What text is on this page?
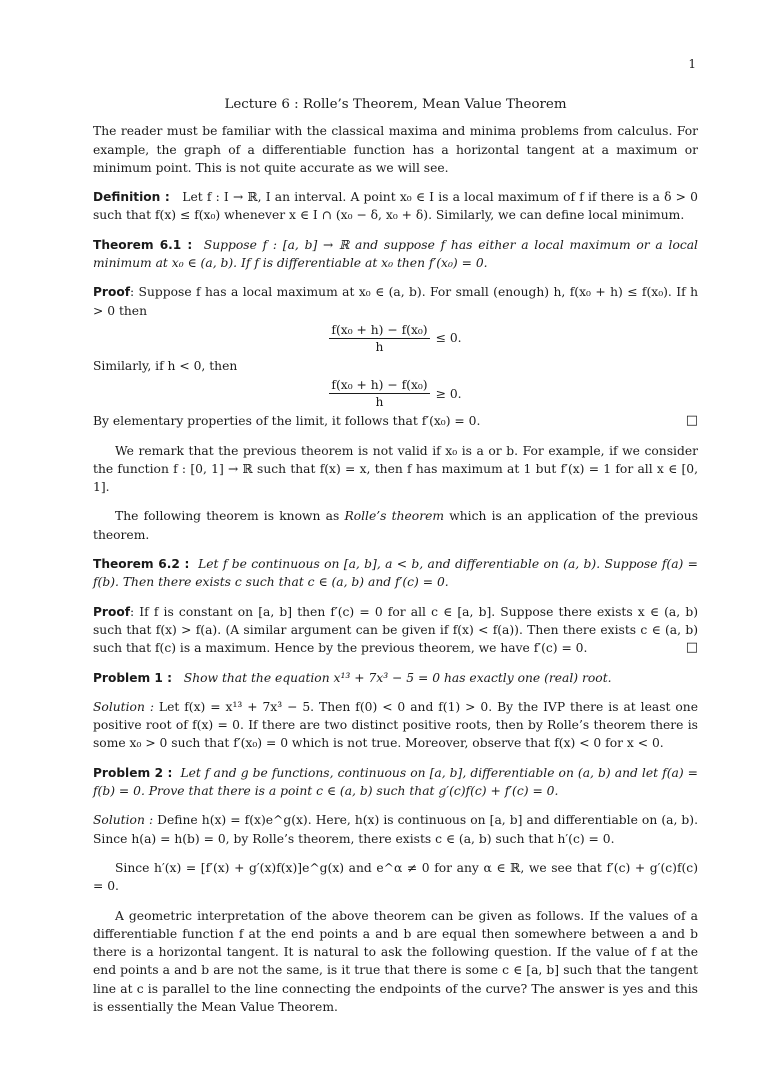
1
Lecture 6 : Rolle’s Theorem, Mean Value Theorem

The reader must be familiar with the classical maxima and minima problems from calculus. For example, the graph of a differentiable function has a horizontal tangent at a maximum or minimum point. This is not quite accurate as we will see.

Definition : Let f : I → ℝ, I an interval. A point x₀ ∈ I is a local maximum of f if there is a δ > 0 such that f(x) ≤ f(x₀) whenever x ∈ I ∩ (x₀ − δ, x₀ + δ). Similarly, we can define local minimum.

Theorem 6.1 : Suppose f : [a, b] → ℝ and suppose f has either a local maximum or a local minimum at x₀ ∈ (a, b). If f is differentiable at x₀ then f′(x₀) = 0.

Proof: Suppose f has a local maximum at x₀ ∈ (a, b). For small (enough) h, f(x₀ + h) ≤ f(x₀). If h > 0 then
$\frac{\text{f(x₀ + h) − f(x₀)}}{h} \le 0$.
Similarly, if h < 0, then
$\frac{\text{f(x₀ + h) − f(x₀)}}{h} \ge 0$.
By elementary properties of the limit, it follows that f′(x₀) = 0.	□

We remark that the previous theorem is not valid if x₀ is a or b. For example, if we consider the function f : [0, 1] → ℝ such that f(x) = x, then f has maximum at 1 but f′(x) = 1 for all x ∈ [0, 1].

The following theorem is known as Rolle’s theorem which is an application of the previous theorem.

Theorem 6.2 : Let f be continuous on [a, b], a < b, and differentiable on (a, b). Suppose f(a) = f(b). Then there exists c such that c ∈ (a, b) and f′(c) = 0.

Proof: If f is constant on [a, b] then f′(c) = 0 for all c ∈ [a, b]. Suppose there exists x ∈ (a, b) such that f(x) > f(a). (A similar argument can be given if f(x) < f(a)). Then there exists c ∈ (a, b) such that f(c) is a maximum. Hence by the previous theorem, we have f′(c) = 0.	□

Problem 1 : Show that the equation x¹³ + 7x³ − 5 = 0 has exactly one (real) root.

Solution : Let f(x) = x¹³ + 7x³ − 5. Then f(0) < 0 and f(1) > 0. By the IVP there is at least one positive root of f(x) = 0. If there are two distinct positive roots, then by Rolle’s theorem there is some x₀ > 0 such that f′(x₀) = 0 which is not true. Moreover, observe that f(x) < 0 for x < 0.

Problem 2 : Let f and g be functions, continuous on [a, b], differentiable on (a, b) and let f(a) = f(b) = 0. Prove that there is a point c ∈ (a, b) such that g′(c)f(c) + f′(c) = 0.

Solution : Define h(x) = f(x)e^g(x). Here, h(x) is continuous on [a, b] and differentiable on (a, b). Since h(a) = h(b) = 0, by Rolle’s theorem, there exists c ∈ (a, b) such that h′(c) = 0.

Since h′(x) = [f′(x) + g′(x)f(x)]e^g(x) and e^α ≠ 0 for any α ∈ ℝ, we see that f′(c) + g′(c)f(c) = 0.

A geometric interpretation of the above theorem can be given as follows. If the values of a differentiable function f at the end points a and b are equal then somewhere between a and b there is a horizontal tangent. It is natural to ask the following question. If the value of f at the end points a and b are not the same, is it true that there is some c ∈ [a, b] such that the tangent line at c is parallel to the line connecting the endpoints of the curve? The answer is yes and this is essentially the Mean Value Theorem.
